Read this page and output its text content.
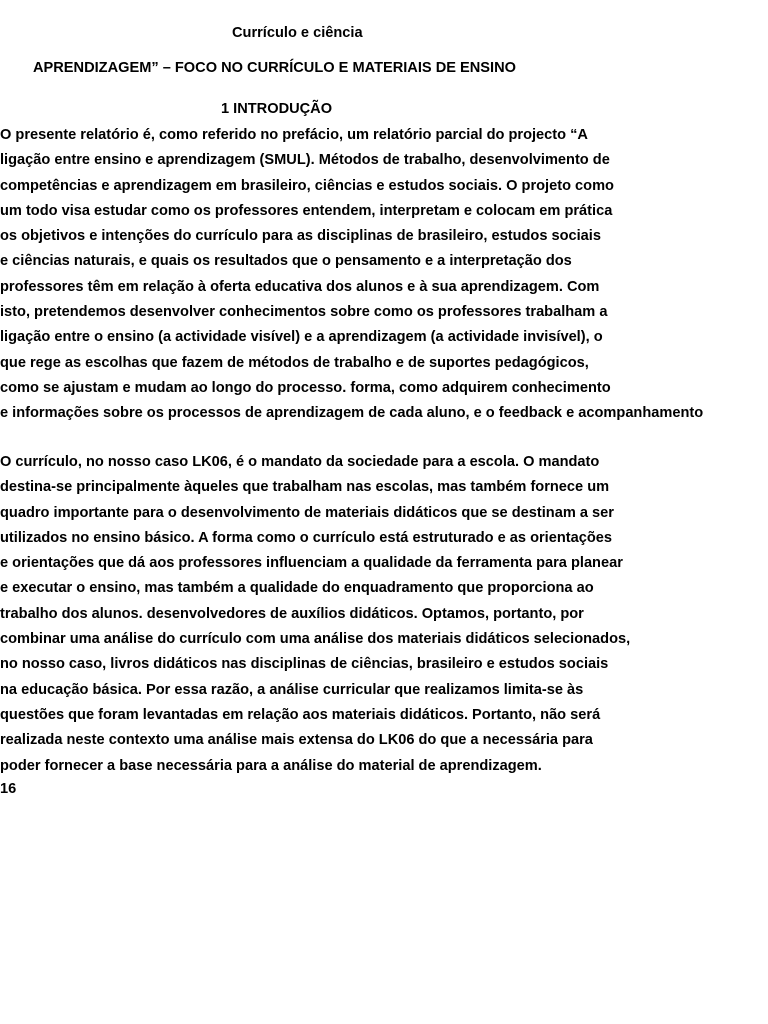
Currículo e ciência

APRENDIZAGEM” – FOCO NO CURRÍCULO E MATERIAIS DE ENSINO

1 INTRODUÇÃO

O presente relatório é, como referido no prefácio, um relatório parcial do projecto “A
ligação entre ensino e aprendizagem (SMUL). Métodos de trabalho, desenvolvimento de
competências e aprendizagem em brasileiro, ciências e estudos sociais. O projeto como
um todo visa estudar como os professores entendem, interpretam e colocam em prática
os objetivos e intenções do currículo para as disciplinas de brasileiro, estudos sociais
e ciências naturais, e quais os resultados que o pensamento e a interpretação dos
professores têm em relação à oferta educativa dos alunos e à sua aprendizagem. Com
isto, pretendemos desenvolver conhecimentos sobre como os professores trabalham a
ligação entre o ensino (a actividade visível) e a aprendizagem (a actividade invisível), o
que rege as escolhas que fazem de métodos de trabalho e de suportes pedagógicos,
como se ajustam e mudam ao longo do processo. forma, como adquirem conhecimento
e informações sobre os processos de aprendizagem de cada aluno, e o feedback e acompanhamento
O currículo, no nosso caso LK06, é o mandato da sociedade para a escola. O mandato
destina-se principalmente àqueles que trabalham nas escolas, mas também fornece um
quadro importante para o desenvolvimento de materiais didáticos que se destinam a ser
utilizados no ensino básico. A forma como o currículo está estruturado e as orientações
e orientações que dá aos professores influenciam a qualidade da ferramenta para planear
e executar o ensino, mas também a qualidade do enquadramento que proporciona ao
trabalho dos alunos. desenvolvedores de auxílios didáticos. Optamos, portanto, por
combinar uma análise do currículo com uma análise dos materiais didáticos selecionados,
no nosso caso, livros didáticos nas disciplinas de ciências, brasileiro e estudos sociais
na educação básica. Por essa razão, a análise curricular que realizamos limita-se às
questões que foram levantadas em relação aos materiais didáticos. Portanto, não será
realizada neste contexto uma análise mais extensa do LK06 do que a necessária para
poder fornecer a base necessária para a análise do material de aprendizagem.

16
